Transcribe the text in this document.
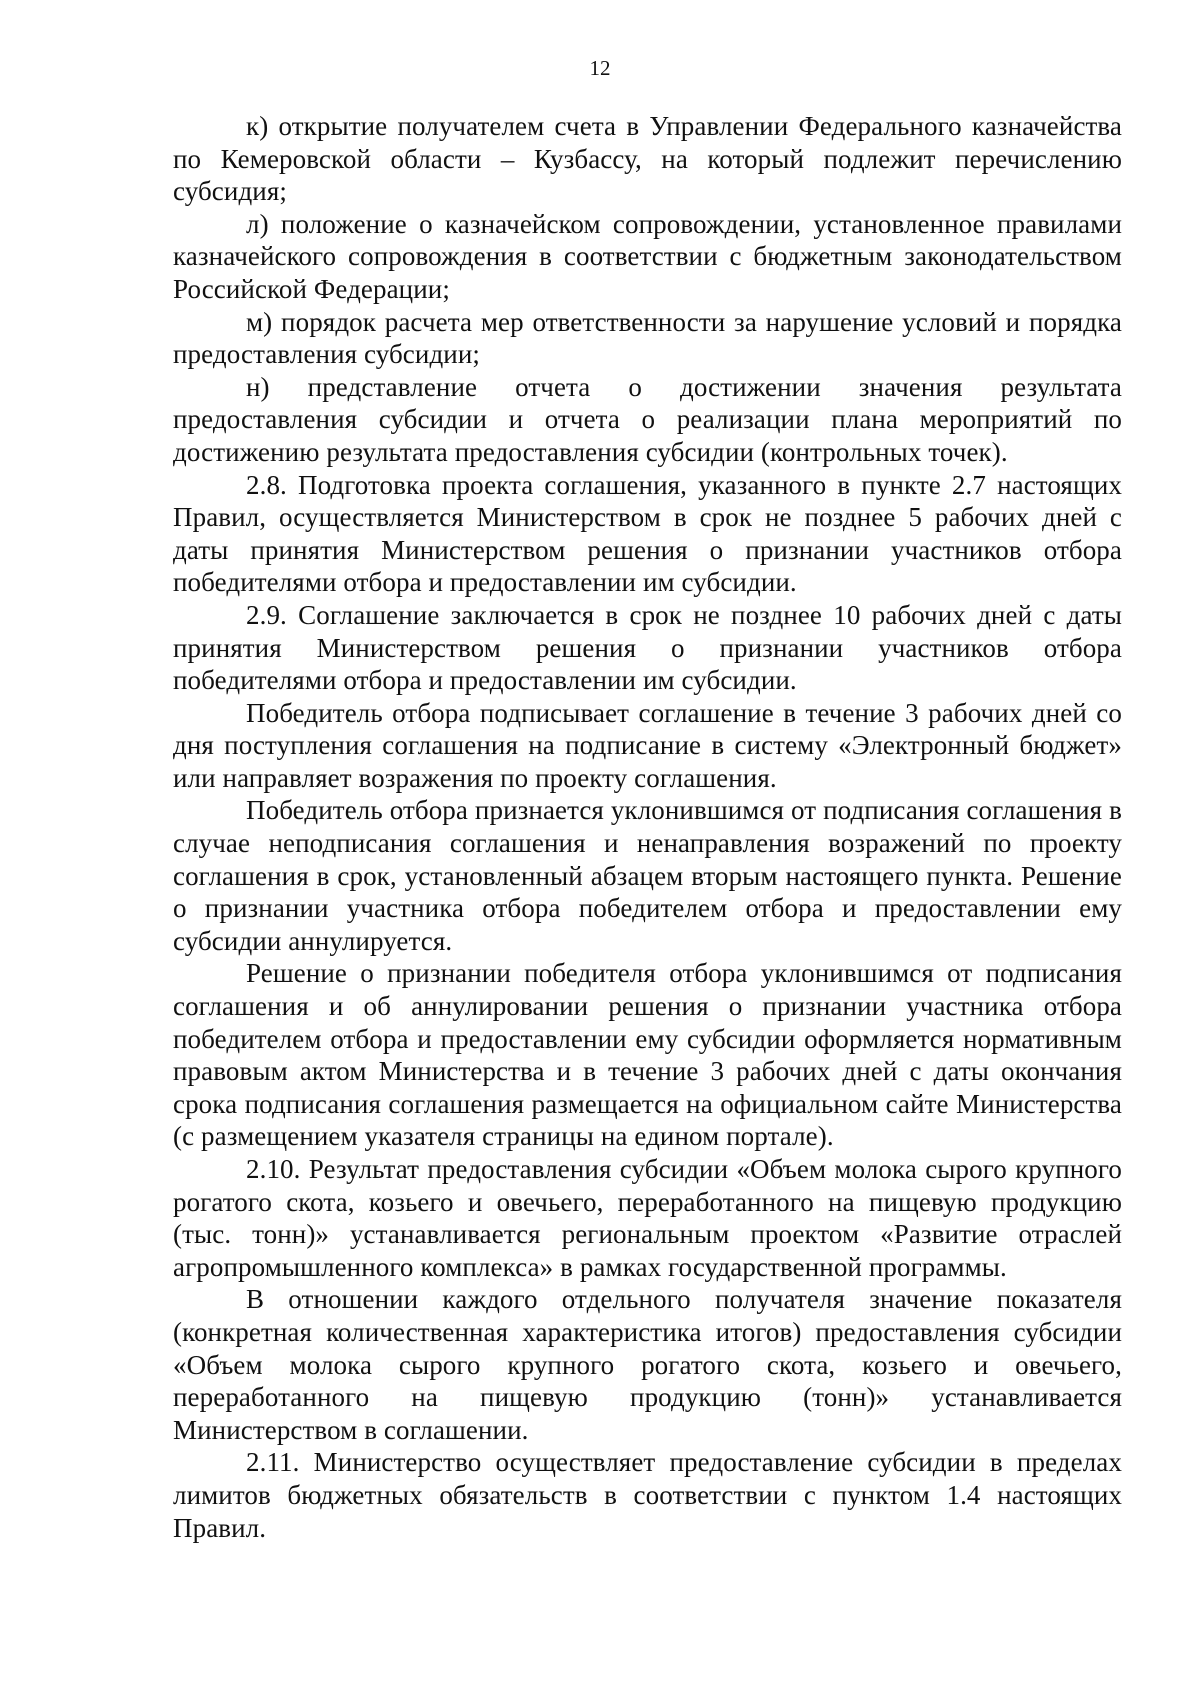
12

к) открытие получателем счета в Управлении Федерального казначейства по Кемеровской области – Кузбассу, на который подлежит перечислению субсидия;

л) положение о казначейском сопровождении, установленное правилами казначейского сопровождения в соответствии с бюджетным законодательством Российской Федерации;

м) порядок расчета мер ответственности за нарушение условий и порядка предоставления субсидии;

н) представление отчета о достижении значения результата предоставления субсидии и отчета о реализации плана мероприятий по достижению результата предоставления субсидии (контрольных точек).

2.8. Подготовка проекта соглашения, указанного в пункте 2.7 настоящих Правил, осуществляется Министерством в срок не позднее 5 рабочих дней с даты принятия Министерством решения о признании участников отбора победителями отбора и предоставлении им субсидии.

2.9. Соглашение заключается в срок не позднее 10 рабочих дней с даты принятия Министерством решения о признании участников отбора победителями отбора и предоставлении им субсидии.

Победитель отбора подписывает соглашение в течение 3 рабочих дней со дня поступления соглашения на подписание в систему «Электронный бюджет» или направляет возражения по проекту соглашения.

Победитель отбора признается уклонившимся от подписания соглашения в случае неподписания соглашения и ненаправления возражений по проекту соглашения в срок, установленный абзацем вторым настоящего пункта. Решение о признании участника отбора победителем отбора и предоставлении ему субсидии аннулируется.

Решение о признании победителя отбора уклонившимся от подписания соглашения и об аннулировании решения о признании участника отбора победителем отбора и предоставлении ему субсидии оформляется нормативным правовым актом Министерства и в течение 3 рабочих дней с даты окончания срока подписания соглашения размещается на официальном сайте Министерства (с размещением указателя страницы на едином портале).

2.10. Результат предоставления субсидии «Объем молока сырого крупного рогатого скота, козьего и овечьего, переработанного на пищевую продукцию (тыс. тонн)» устанавливается региональным проектом «Развитие отраслей агропромышленного комплекса» в рамках государственной программы.

В отношении каждого отдельного получателя значение показателя (конкретная количественная характеристика итогов) предоставления субсидии «Объем молока сырого крупного рогатого скота, козьего и овечьего, переработанного на пищевую продукцию (тонн)» устанавливается Министерством в соглашении.

2.11. Министерство осуществляет предоставление субсидии в пределах лимитов бюджетных обязательств в соответствии с пунктом 1.4 настоящих Правил.
